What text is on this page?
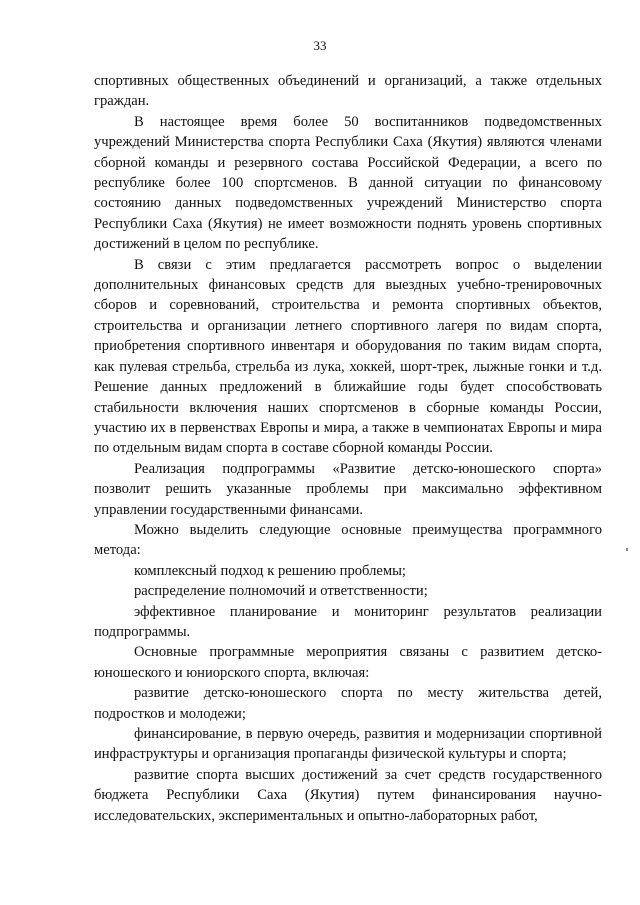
33

спортивных общественных объединений и организаций, а также отдельных граждан.

В настоящее время более 50 воспитанников подведомственных учреждений Министерства спорта Республики Саха (Якутия) являются членами сборной команды и резервного состава Российской Федерации, а всего по республике более 100 спортсменов. В данной ситуации по финансовому состоянию данных подведомственных учреждений Министерство спорта Республики Саха (Якутия) не имеет возможности поднять уровень спортивных достижений в целом по республике.

В связи с этим предлагается рассмотреть вопрос о выделении дополнительных финансовых средств для выездных учебно-тренировочных сборов и соревнований, строительства и ремонта спортивных объектов, строительства и организации летнего спортивного лагеря по видам спорта, приобретения спортивного инвентаря и оборудования по таким видам спорта, как пулевая стрельба, стрельба из лука, хоккей, шорт-трек, лыжные гонки и т.д. Решение данных предложений в ближайшие годы будет способствовать стабильности включения наших спортсменов в сборные команды России, участию их в первенствах Европы и мира, а также в чемпионатах Европы и мира по отдельным видам спорта в составе сборной команды России.

Реализация подпрограммы «Развитие детско-юношеского спорта» позволит решить указанные проблемы при максимально эффективном управлении государственными финансами.

Можно выделить следующие основные преимущества программного метода:

комплексный подход к решению проблемы;

распределение полномочий и ответственности;

эффективное планирование и мониторинг результатов реализации подпрограммы.

Основные программные мероприятия связаны с развитием детско-юношеского и юниорского спорта, включая:

развитие детско-юношеского спорта по месту жительства детей, подростков и молодежи;

финансирование, в первую очередь, развития и модернизации спортивной инфраструктуры и организация пропаганды физической культуры и спорта;

развитие спорта высших достижений за счет средств государственного бюджета Республики Саха (Якутия) путем финансирования научно-исследовательских, экспериментальных и опытно-лабораторных работ,
